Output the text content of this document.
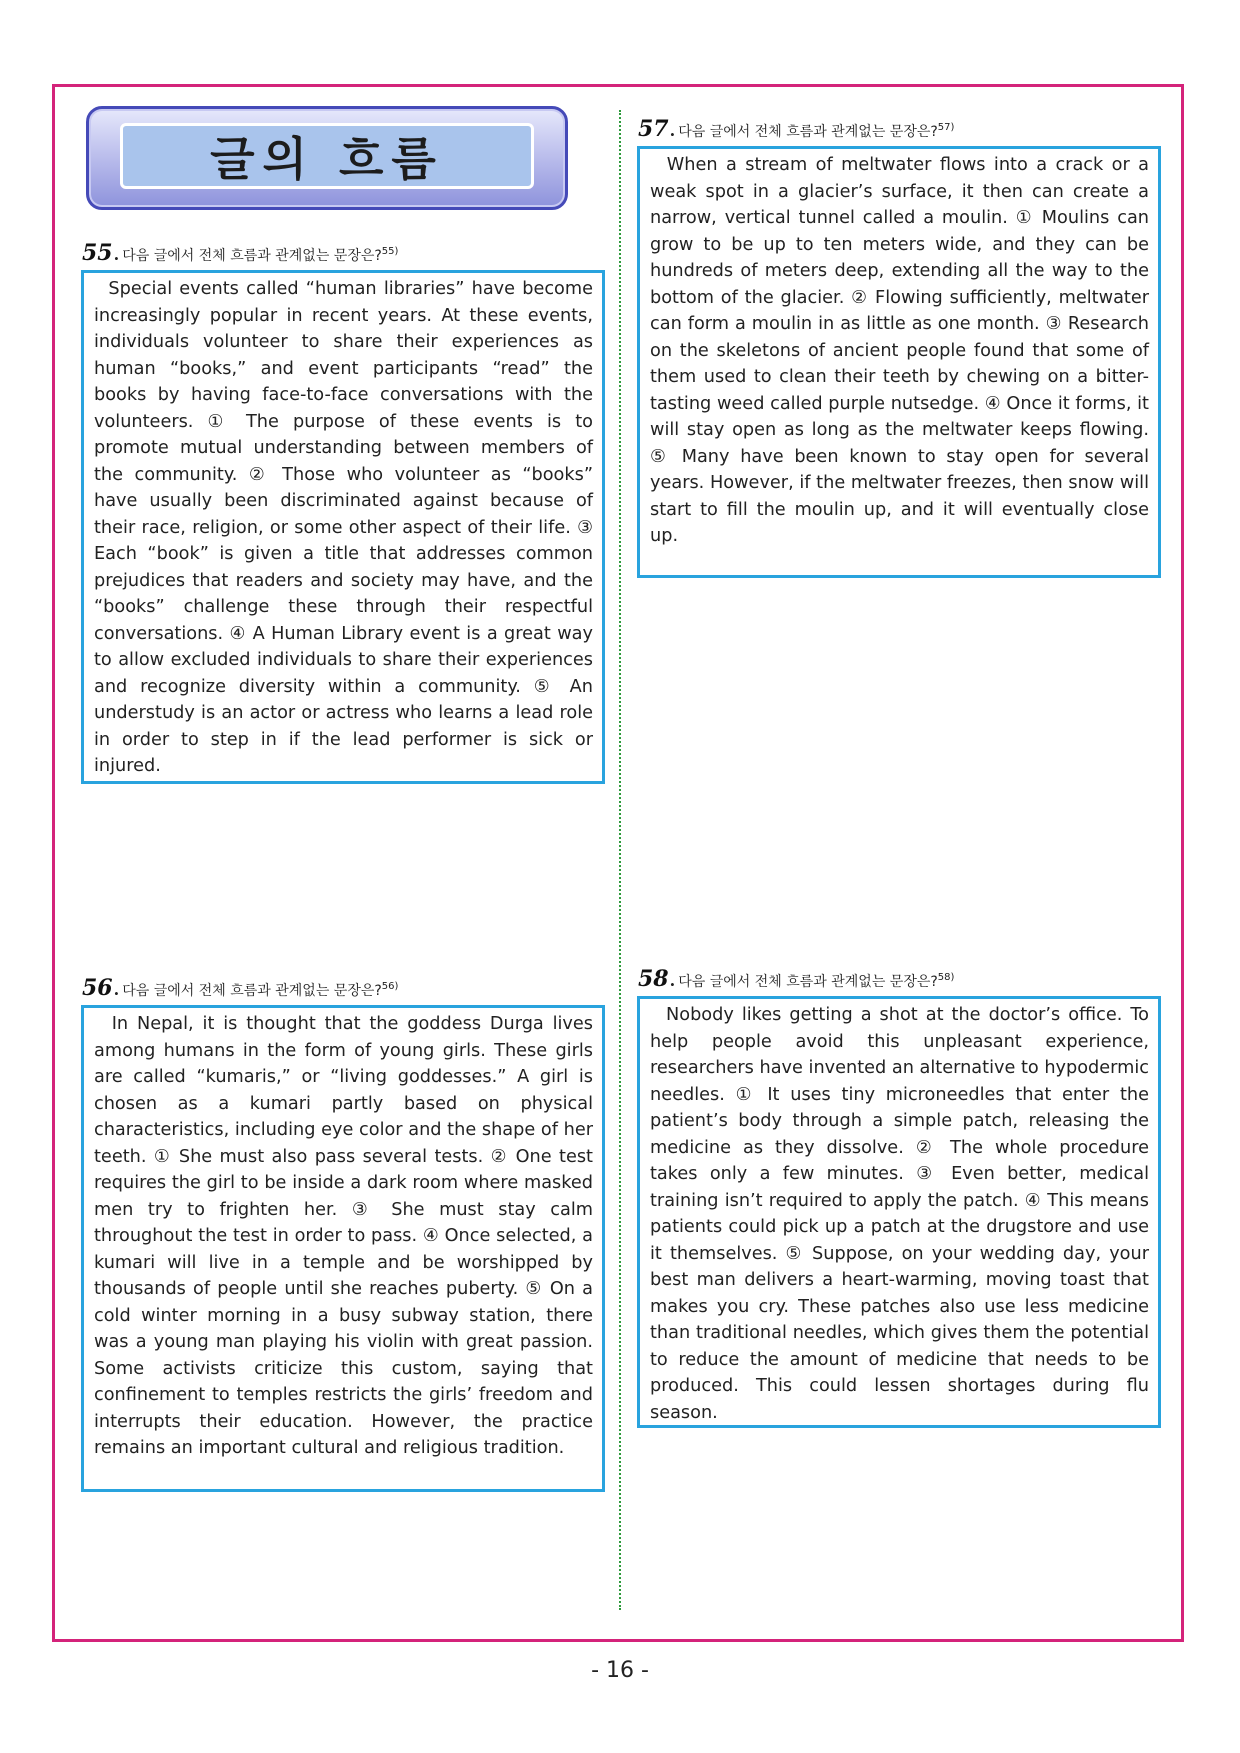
글의 흐름
55 . 다음 글에서 전체 흐름과 관계없는 문장은? 55)
Special events called “human libraries” have become increasingly popular in recent years. At these events, individuals volunteer to share their experiences as human “books,” and event participants “read” the books by having face-to-face conversations with the volunteers. ① The purpose of these events is to promote mutual understanding between members of the community. ② Those who volunteer as “books” have usually been discriminated against because of their race, religion, or some other aspect of their life. ③ Each “book” is given a title that addresses common prejudices that readers and society may have, and the “books” challenge these through their respectful conversations. ④ A Human Library event is a great way to allow excluded individuals to share their experiences and recognize diversity within a community. ⑤ An understudy is an actor or actress who learns a lead role in order to step in if the lead performer is sick or injured.
56 . 다음 글에서 전체 흐름과 관계없는 문장은? 56)
In Nepal, it is thought that the goddess Durga lives among humans in the form of young girls. These girls are called “kumaris,” or “living goddesses.” A girl is chosen as a kumari partly based on physical characteristics, including eye color and the shape of her teeth. ① She must also pass several tests. ② One test requires the girl to be inside a dark room where masked men try to frighten her. ③ She must stay calm throughout the test in order to pass. ④ Once selected, a kumari will live in a temple and be worshipped by thousands of people until she reaches puberty. ⑤ On a cold winter morning in a busy subway station, there was a young man playing his violin with great passion. Some activists criticize this custom, saying that confinement to temples restricts the girls’ freedom and interrupts their education. However, the practice remains an important cultural and religious tradition.
57 . 다음 글에서 전체 흐름과 관계없는 문장은? 57)
When a stream of meltwater flows into a crack or a weak spot in a glacier’s surface, it then can create a narrow, vertical tunnel called a moulin. ① Moulins can grow to be up to ten meters wide, and they can be hundreds of meters deep, extending all the way to the bottom of the glacier. ② Flowing sufficiently, meltwater can form a moulin in as little as one month. ③ Research on the skeletons of ancient people found that some of them used to clean their teeth by chewing on a bitter-tasting weed called purple nutsedge. ④ Once it forms, it will stay open as long as the meltwater keeps flowing. ⑤ Many have been known to stay open for several years. However, if the meltwater freezes, then snow will start to fill the moulin up, and it will eventually close up.
58 . 다음 글에서 전체 흐름과 관계없는 문장은? 58)
Nobody likes getting a shot at the doctor’s office. To help people avoid this unpleasant experience, researchers have invented an alternative to hypodermic needles. ① It uses tiny microneedles that enter the patient’s body through a simple patch, releasing the medicine as they dissolve. ② The whole procedure takes only a few minutes. ③ Even better, medical training isn’t required to apply the patch. ④ This means patients could pick up a patch at the drugstore and use it themselves. ⑤ Suppose, on your wedding day, your best man delivers a heart-warming, moving toast that makes you cry. These patches also use less medicine than traditional needles, which gives them the potential to reduce the amount of medicine that needs to be produced. This could lessen shortages during flu season.
- 16 -
